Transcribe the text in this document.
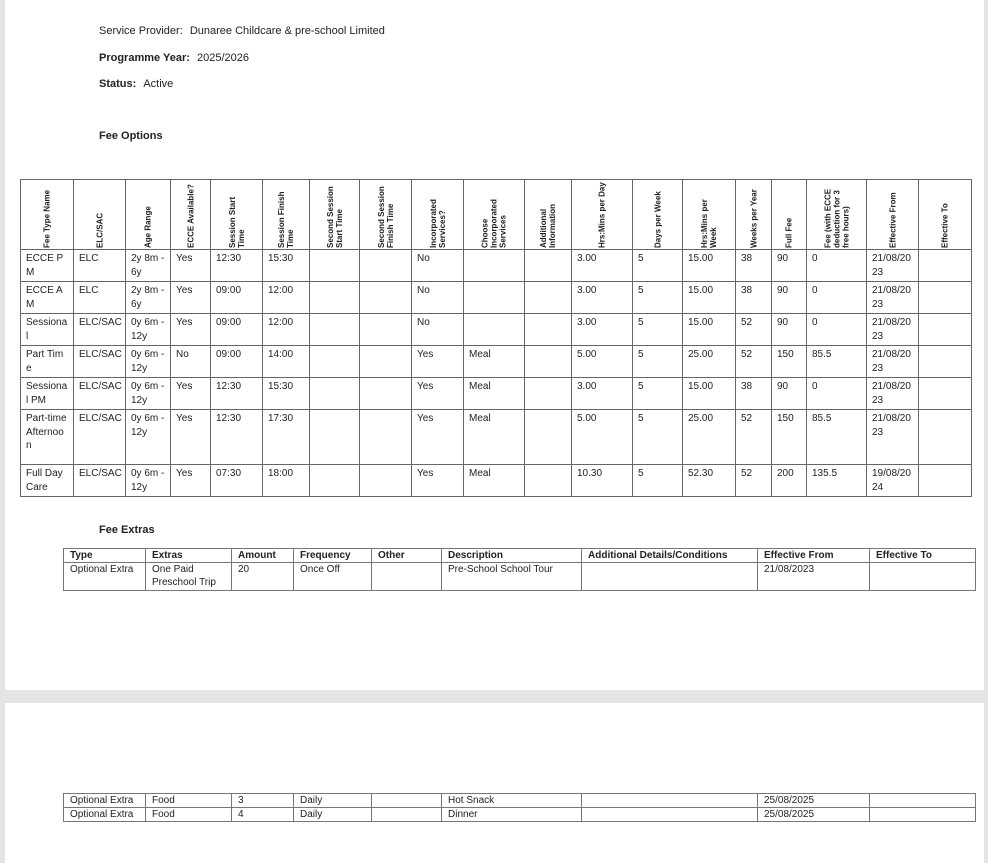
Service Provider: Dunaree Childcare & pre-school Limited
Programme Year: 2025/2026
Status: Active
Fee Options
Fee Type Name	ELC/SAC	Age Range	ECCE Available?	Session Start Time	Session Finish Time	Second Session Start Time	Second Session Finish Time	Incorporated Services?	Choose Incorporated Services	Additional Information	Hrs:Mins per Day	Days per Week	Hrs:Mins per Week	Weeks per Year	Full Fee	Fee (with ECCE deduction for 3 free hours)	Effective From	Effective To

ECCE PM	ELC	2y 8m - 6y	Yes	12:30	15:30			No			3.00	5	15.00	38	90	0	21/08/2023	
ECCE AM	ELC	2y 8m - 6y	Yes	09:00	12:00			No			3.00	5	15.00	38	90	0	21/08/2023	
Sessional	ELC/SAC	0y 6m - 12y	Yes	09:00	12:00			No			3.00	5	15.00	52	90	0	21/08/2023	
Part Time	ELC/SAC	0y 6m - 12y	No	09:00	14:00			Yes	Meal		5.00	5	25.00	52	150	85.5	21/08/2023	
Sessional PM	ELC/SAC	0y 6m - 12y	Yes	12:30	15:30			Yes	Meal		3.00	5	15.00	38	90	0	21/08/2023	
Part-time Afternoon	ELC/SAC	0y 6m - 12y	Yes	12:30	17:30			Yes	Meal		5.00	5	25.00	52	150	85.5	21/08/2023	
Full Day Care	ELC/SAC	0y 6m - 12y	Yes	07:30	18:00			Yes	Meal		10.30	5	52.30	52	200	135.5	19/08/2024	
Fee Extras
Type	Extras	Amount	Frequency	Other	Description	Additional Details/Conditions	Effective From	Effective To
Optional Extra	One Paid Preschool Trip	20	Once Off		Pre-School School Tour		21/08/2023	
Optional Extra	Food	3	Daily		Hot Snack		25/08/2025	
Optional Extra	Food	4	Daily		Dinner		25/08/2025	
